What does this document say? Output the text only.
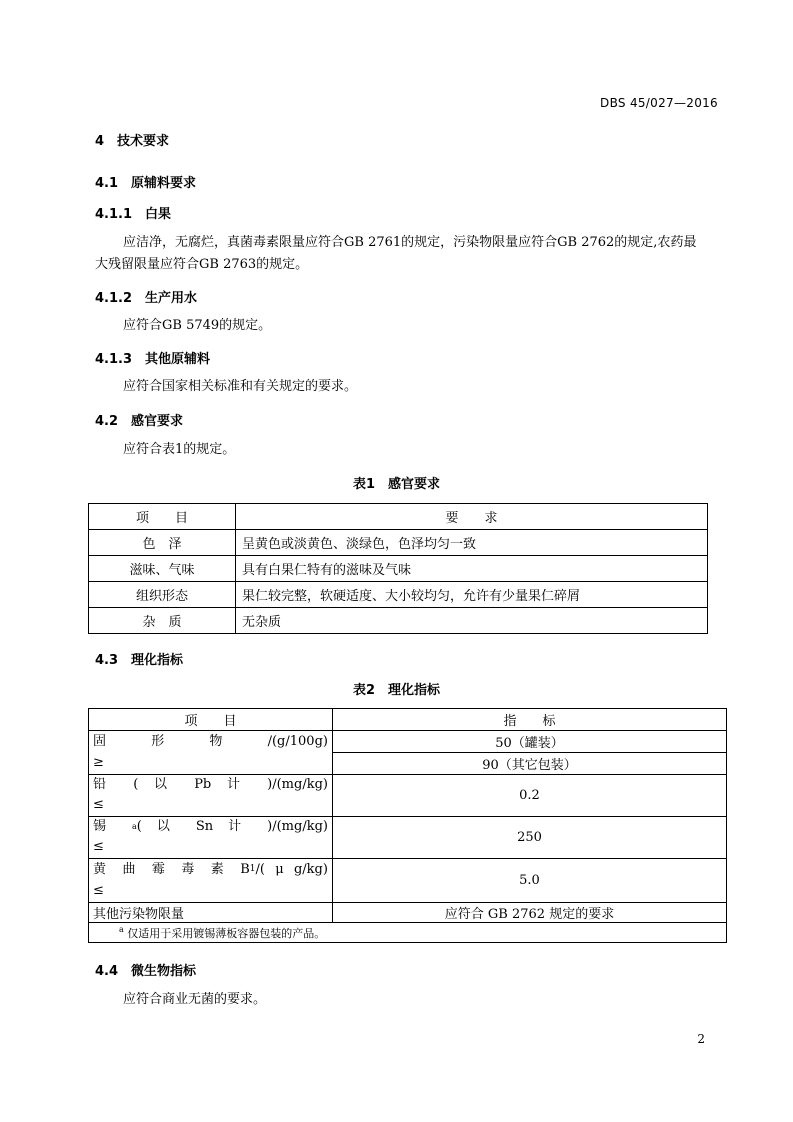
DBS 45/027—2016
4　技术要求
4.1　原辅料要求
4.1.1　白果
应洁净，无腐烂，真菌毒素限量应符合GB 2761的规定，污染物限量应符合GB 2762的规定,农药最
大残留限量应符合GB 2763的规定。
4.1.2　生产用水
应符合GB 5749的规定。
4.1.3　其他原辅料
应符合国家相关标准和有关规定的要求。
4.2　感官要求
应符合表1的规定。
表1　感官要求
项　　目	要　　求
色　泽	呈黄色或淡黄色、淡绿色，色泽均匀一致
滋味、气味	具有白果仁特有的滋味及气味
组织形态	果仁较完整，软硬适度、大小较均匀，允许有少量果仁碎屑
杂　质	无杂质
4.3　理化指标
表2　理化指标
项　　目	指　　标

固 形 物 /(g/100g)
≥	50（罐装）
	90（其它包装）

铅 ( 以 Pb 计 )/(mg/kg)
≤	0.2

锡 $^a$( 以 Sn 计 )/(mg/kg)
≤	250

黄 曲 霉 毒 素 B1/( μ g/kg)
≤	5.0
其他污染物限量	应符合 GB 2762 规定的要求
$^a$ 仅适用于采用镀锡薄板容器包装的产品。	
4.4　微生物指标
应符合商业无菌的要求。
2
